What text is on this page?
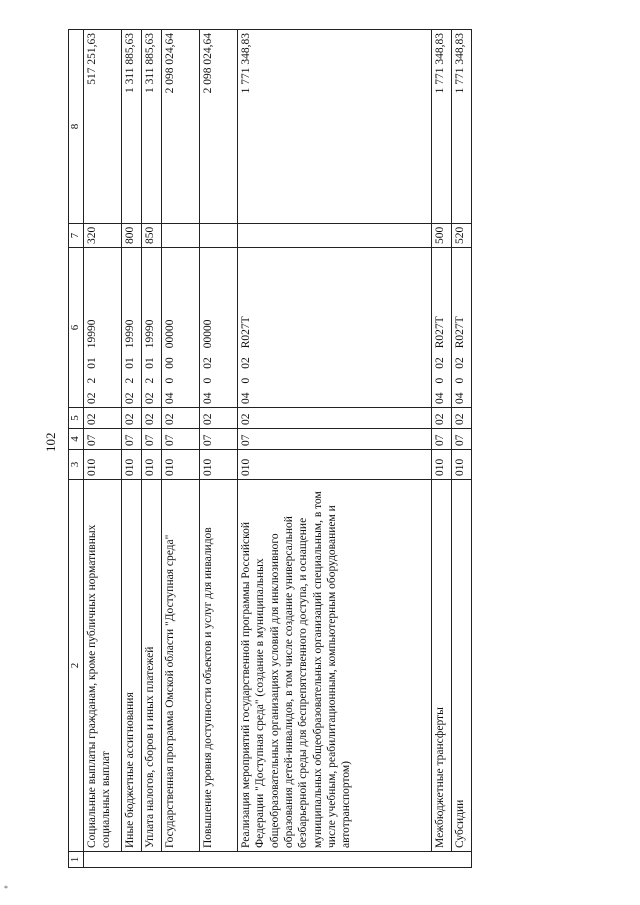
102
1	2	3	4	5	6	7	8
	Социальные выплаты гражданам, кроме публичных нормативных социальных выплат	010	07	02	0220119990	320	517 251,63
	Иные бюджетные ассигнования	010	07	02	0220119990	800	1 311 885,63
	Уплата налогов, сборов и иных платежей	010	07	02	0220119990	850	1 311 885,63
	Государственная программа Омской области "Доступная среда"	010	07	02	0400000000		2 098 024,64
	Повышение уровня доступности объектов и услуг для инвалидов	010	07	02	0400200000		2 098 024,64
	Реализация мероприятий государственной программы Российской Федерации "Доступная среда" (создание в муниципальных общеобразовательных организациях условий для инклюзивного образования детей-инвалидов, в том числе создание универсальной безбарьерной среды для беспрепятственного доступа, и оснащение муниципальных общеобразовательных организаций специальным, в том числе учебным, реабилитационным, компьютерным оборудованием и автотранспортом)	010	07	02	04002R027T		1 771 348,83
	Межбюджетные трансферты	010	07	02	04002R027T	500	1 771 348,83
	Субсидии	010	07	02	04002R027T	520	1 771 348,83
*
